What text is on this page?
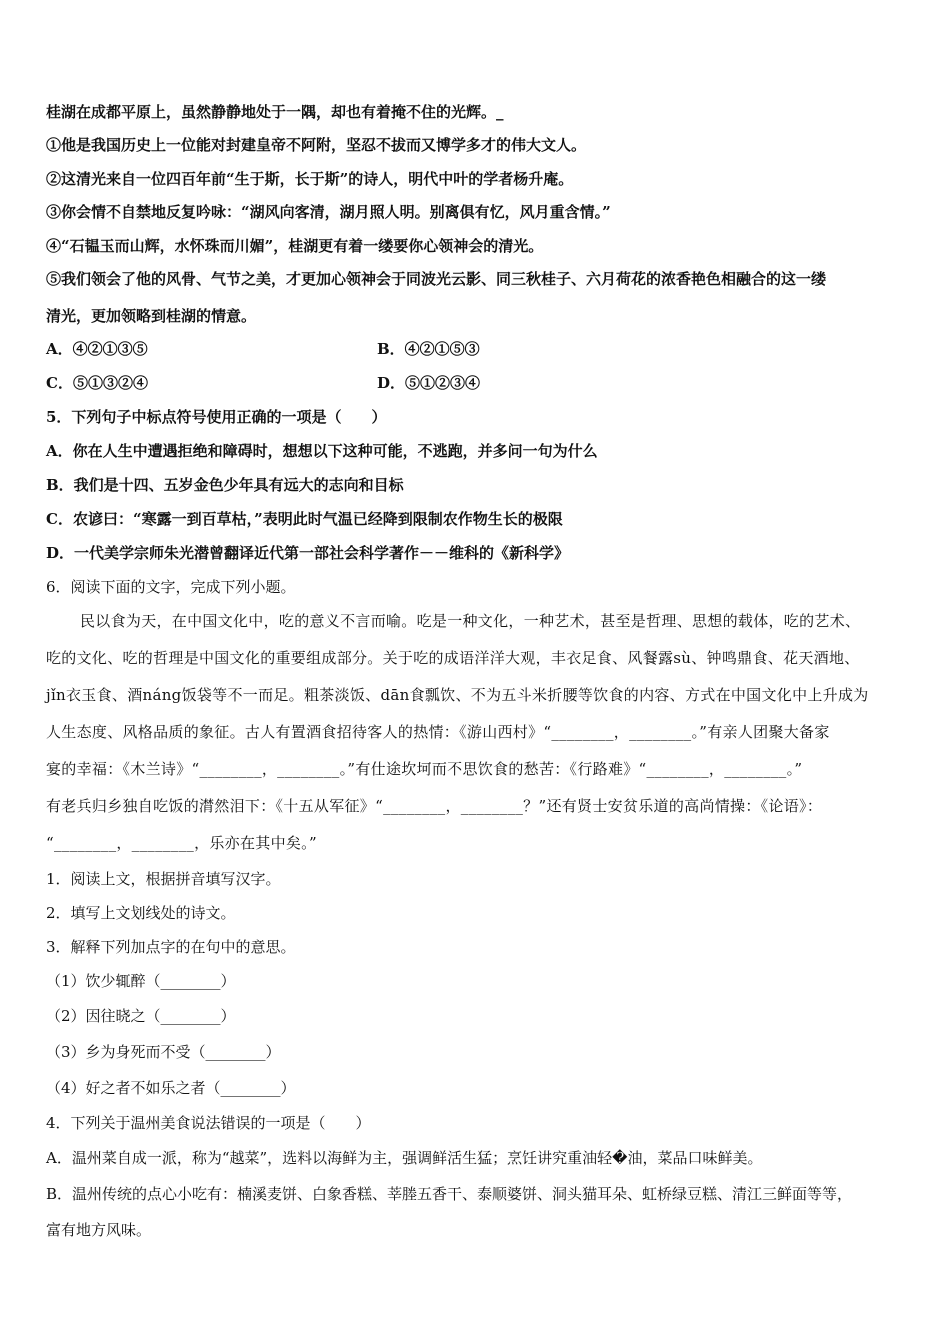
桂湖在成都平原上，虽然静静地处于一隅，却也有着掩不住的光辉。_
①他是我国历史上一位能对封建皇帝不阿附，坚忍不拔而又博学多才的伟大文人。
②这清光来自一位四百年前“生于斯，长于斯”的诗人，明代中叶的学者杨升庵。
③你会情不自禁地反复吟咏：“湖风向客清，湖月照人明。别离俱有忆，风月重含情。”
④“石韫玉而山辉，水怀珠而川媚”，桂湖更有着一缕要你心领神会的清光。
⑤我们领会了他的风骨、气节之美，才更加心领神会于同波光云影、同三秋桂子、六月荷花的浓香艳色相融合的这一缕
清光，更加领略到桂湖的情意。
A．④②①③⑤	B．④②①⑤③
C．⑤①③②④	D．⑤①②③④
5．下列句子中标点符号使用正确的一项是（　　）
A．你在人生中遭遇拒绝和障碍时，想想以下这种可能，不逃跑，并多问一句为什么
B．我们是十四、五岁金色少年具有远大的志向和目标
C．农谚曰：“寒露一到百草枯，”表明此时气温已经降到限制农作物生长的极限
D．一代美学宗师朱光潜曾翻译近代第一部社会科学著作－－维科的《新科学》
6．阅读下面的文字，完成下列小题。
民以食为天，在中国文化中，吃的意义不言而喻。吃是一种文化，一种艺术，甚至是哲理、思想的载体，吃的艺术、
吃的文化、吃的哲理是中国文化的重要组成部分。关于吃的成语洋洋大观，丰衣足食、风餐露sù、钟鸣鼎食、花天酒地、
jǐn衣玉食、酒náng饭袋等不一而足。粗茶淡饭、dān食瓢饮、不为五斗米折腰等饮食的内容、方式在中国文化中上升成为
人生态度、风格品质的象征。古人有置酒食招待客人的热情：《游山西村》“________，________。”有亲人团聚大备家
宴的幸福：《木兰诗》“________，________。”有仕途坎坷而不思饮食的愁苦：《行路难》“________，________。”
有老兵归乡独自吃饭的潸然泪下：《十五从军征》“________，________？”还有贤士安贫乐道的高尚情操：《论语》：
“________，________，乐亦在其中矣。”
1．阅读上文，根据拼音填写汉字。
2．填写上文划线处的诗文。
3．解释下列加点字的在句中的意思。
（1）饮少辄醉（________）
（2）因往晓之（________）
（3）乡为身死而不受（________）
（4）好之者不如乐之者（________）
4．下列关于温州美食说法错误的一项是（　　）
A．温州菜自成一派，称为“越菜”，选料以海鲜为主，强调鲜活生猛；烹饪讲究重油轻�油，菜品口味鲜美。
B．温州传统的点心小吃有：楠溪麦饼、白象香糕、莘塍五香干、泰顺婆饼、洞头猫耳朵、虹桥绿豆糕、清江三鲜面等等，
富有地方风味。
